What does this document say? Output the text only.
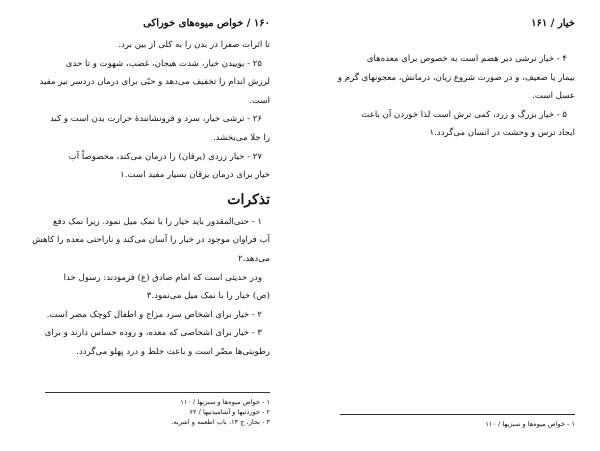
۱۶۰ / خواص میوه‌های خوراکی

تا اثرات صفرا در بدن را به کلی از بین برد.

۲۵ - بوییدن خیار، شدت هیجان، غضب، شهوت و تا حدی

لرزش اندام را تخفیف می‌دهد و حبّی برای درمان دردسر نیز مفید

است.

۲۶ - ترشی خیار، سرد و فرونشانندهٔ حرارت بدن است و کبد

را جلا می‌بخشد.

۲۷ - خیار زردی (یرقان) را درمان می‌کند، مخصوصاً آب

خیار برای درمان یرقان بسیار مفید است.۱

تذکرات

۱ - حتی‌المقدور باید خیار را با نمک میل نمود. زیرا نمک دفع

آب فراوان موجود در خیار را آسان می‌کند و ناراحتی معده را کاهش

می‌دهد.۲

ودر حدیثی است که امام صادق (ع) فرمودند: رسول خدا

(ص) خیار را با نمک میل می‌نمود.۳

۲ - خیار برای اشخاص سرد مزاج و اطفال کوچک مضر است.

۳ - خیار برای اشخاصی که معده، و روده حساس دارند و برای

رطوبتی‌ها مضّر است و باعث خلط و درد پهلو می‌گردد.

۱ - خواص میوه‌ها و سبزیها / ۱۱۰
۲ - خوردنیها و آشامیدنیها / ۶۲
۳ - بحار، ج ۱۴، باب اطعمه و اشربه.
خیار / ۱۶۱

۴ - خیار ترشی دیر هضم است به خصوص برای معده‌های

بیمار یا ضعیف، و در صورت شروع زیان، درمانش، معجونهای گرم و

عسل است.

۵ - خیار بزرگ و زرد، کمی ترش است لذا خوردن آن باعث

ایجاد ترس و وحشت در انسان می‌گردد.۱

۱ - خواص میوه‌ها و سبزیها / ۱۱۰
